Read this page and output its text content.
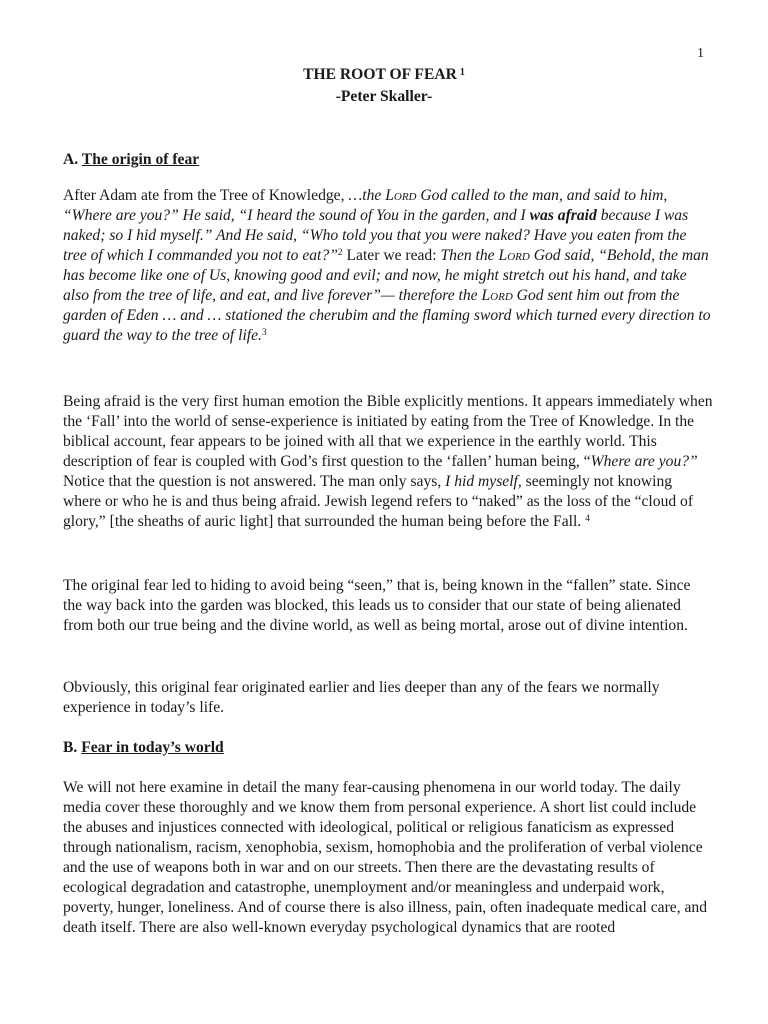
1
THE ROOT OF FEAR $^1$
-Peter Skaller-

A. The origin of fear

After Adam ate from the Tree of Knowledge, …the Lord God called to the man, and said to him, “Where are you?” He said, “I heard the sound of You in the garden, and I was afraid because I was naked; so I hid myself.” And He said, “Who told you that you were naked? Have you eaten from the tree of which I commanded you not to eat?”$^2$ Later we read: Then the Lord God said, “Behold, the man has become like one of Us, knowing good and evil; and now, he might stretch out his hand, and take also from the tree of life, and eat, and live forever”— therefore the Lord God sent him out from the garden of Eden … and … stationed the cherubim and the flaming sword which turned every direction to guard the way to the tree of life.$^3$

Being afraid is the very first human emotion the Bible explicitly mentions. It appears immediately when the ‘Fall’ into the world of sense-experience is initiated by eating from the Tree of Knowledge. In the biblical account, fear appears to be joined with all that we experience in the earthly world. This description of fear is coupled with God’s first question to the ‘fallen’ human being, “Where are you?” Notice that the question is not answered. The man only says, I hid myself, seemingly not knowing where or who he is and thus being afraid. Jewish legend refers to “naked” as the loss of the “cloud of glory,” [the sheaths of auric light] that surrounded the human being before the Fall. $^4$

The original fear led to hiding to avoid being “seen,” that is, being known in the “fallen” state. Since the way back into the garden was blocked, this leads us to consider that our state of being alienated from both our true being and the divine world, as well as being mortal, arose out of divine intention.

Obviously, this original fear originated earlier and lies deeper than any of the fears we normally experience in today’s life.

B. Fear in today’s world

We will not here examine in detail the many fear-causing phenomena in our world today. The daily media cover these thoroughly and we know them from personal experience. A short list could include the abuses and injustices connected with ideological, political or religious fanaticism as expressed through nationalism, racism, xenophobia, sexism, homophobia and the proliferation of verbal violence and the use of weapons both in war and on our streets. Then there are the devastating results of ecological degradation and catastrophe, unemployment and/or meaningless and underpaid work, poverty, hunger, loneliness. And of course there is also illness, pain, often inadequate medical care, and death itself. There are also well-known everyday psychological dynamics that are rooted
